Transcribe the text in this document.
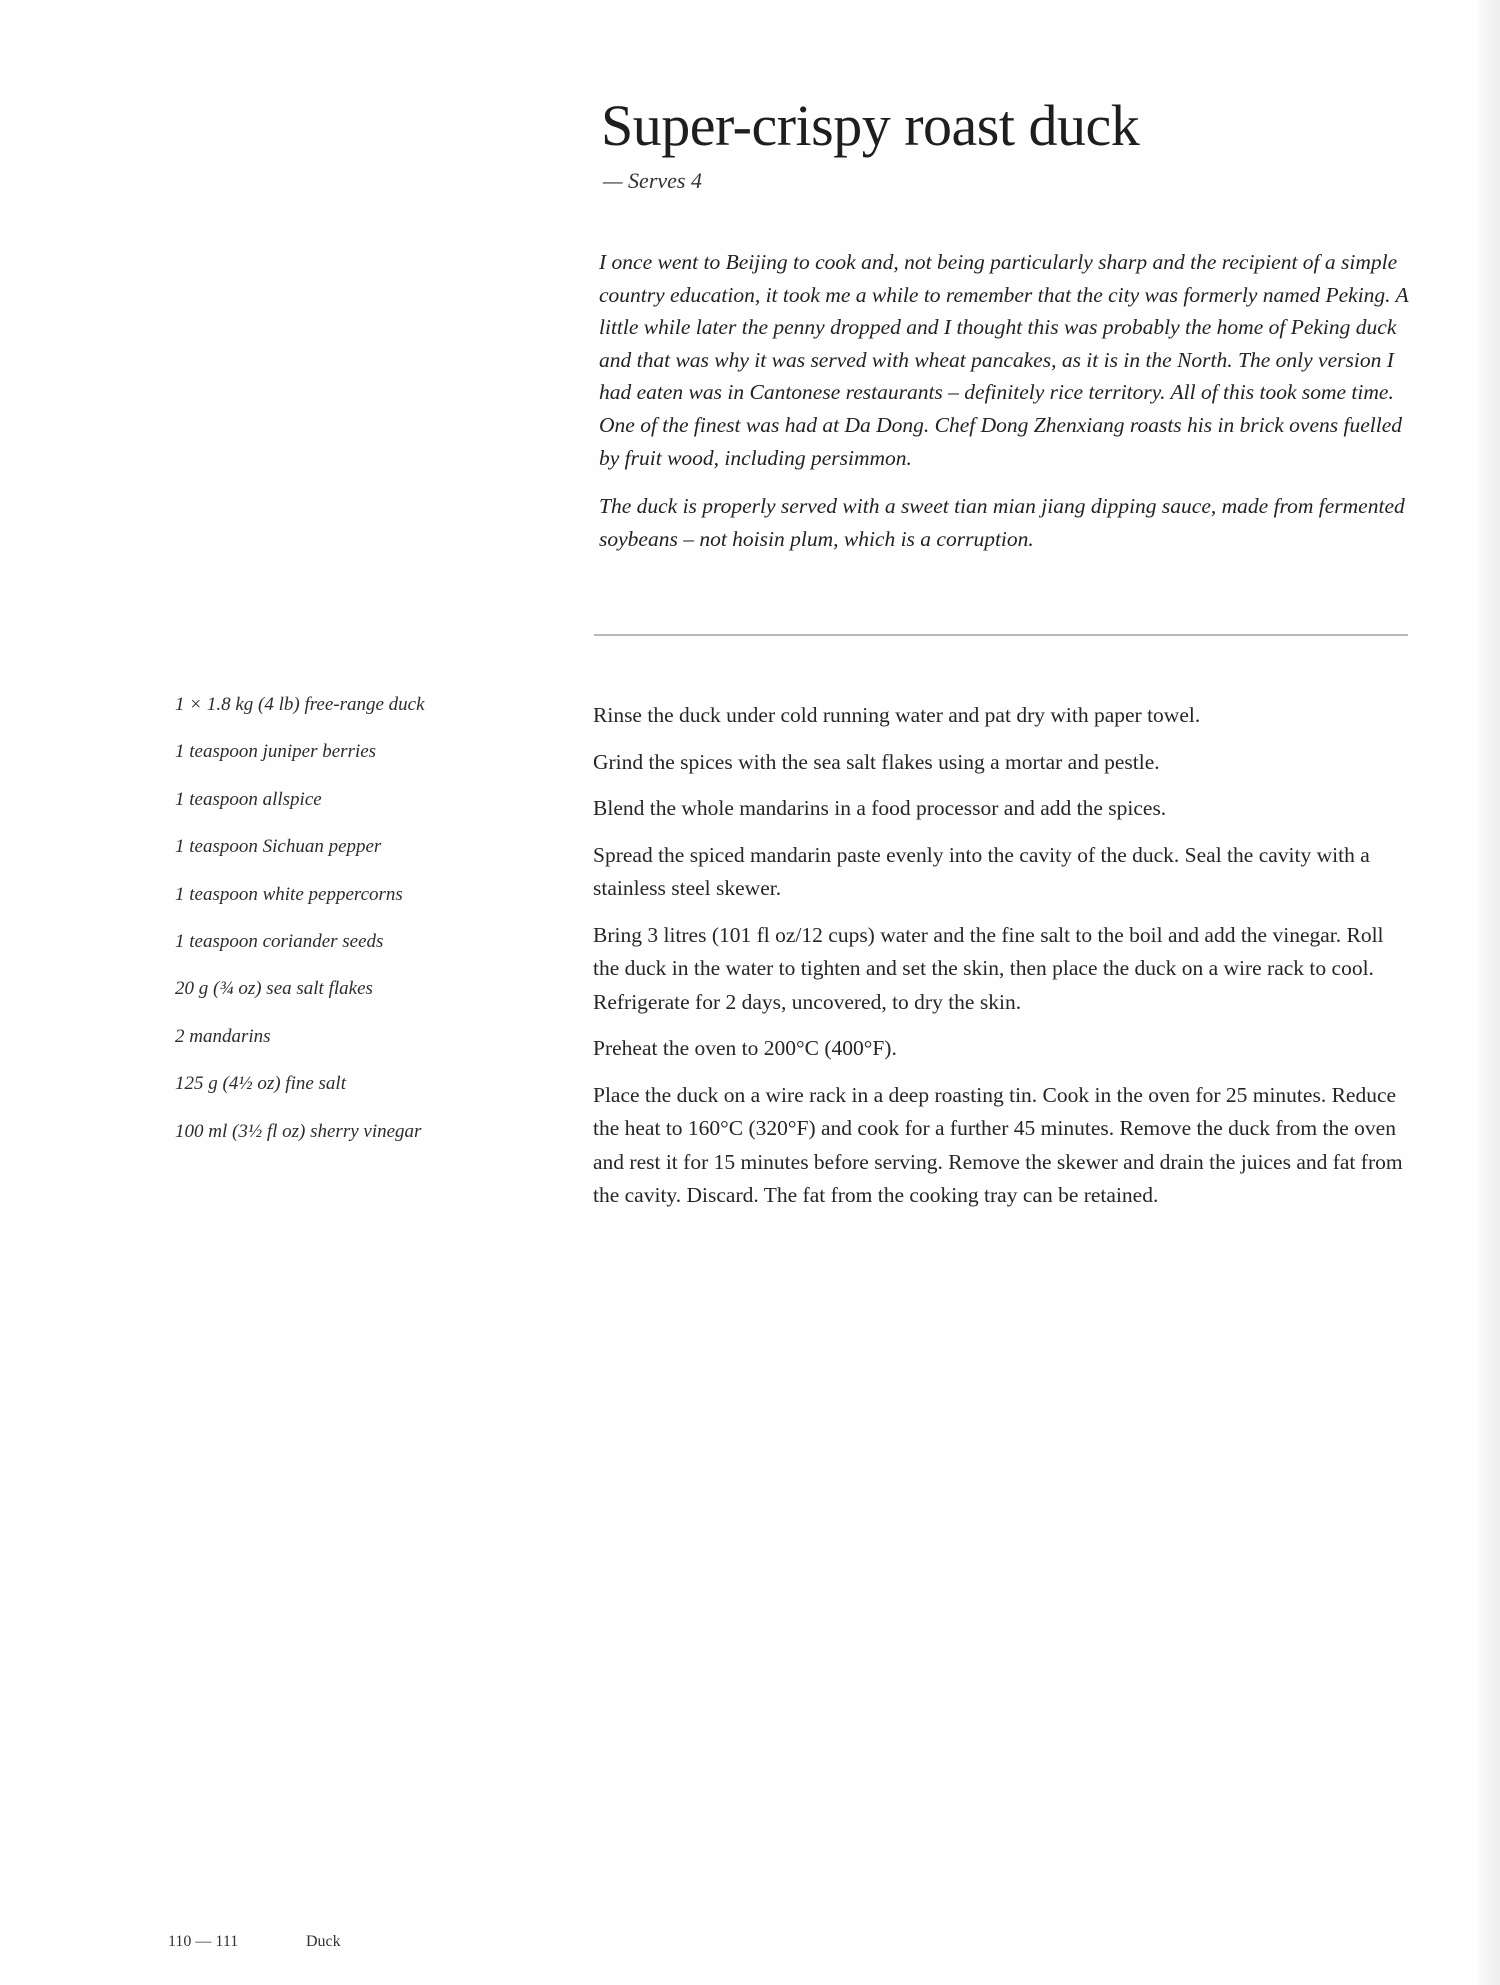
Super-crispy roast duck
— Serves 4

I once went to Beijing to cook and, not being particularly sharp and the recipient of a simple country education, it took me a while to remember that the city was formerly named Peking. A little while later the penny dropped and I thought this was probably the home of Peking duck and that was why it was served with wheat pancakes, as it is in the North. The only version I had eaten was in Cantonese restaurants – definitely rice territory. All of this took some time. One of the finest was had at Da Dong. Chef Dong Zhenxiang roasts his in brick ovens fuelled by fruit wood, including persimmon.

The duck is properly served with a sweet tian mian jiang dipping sauce, made from fermented soybeans – not hoisin plum, which is a corruption.

1 × 1.8 kg (4 lb) free-range duck
1 teaspoon juniper berries
1 teaspoon allspice
1 teaspoon Sichuan pepper
1 teaspoon white peppercorns
1 teaspoon coriander seeds
20 g (¾ oz) sea salt flakes
2 mandarins
125 g (4½ oz) fine salt
100 ml (3½ fl oz) sherry vinegar

Rinse the duck under cold running water and pat dry with paper towel.

Grind the spices with the sea salt flakes using a mortar and pestle.

Blend the whole mandarins in a food processor and add the spices.

Spread the spiced mandarin paste evenly into the cavity of the duck. Seal the cavity with a stainless steel skewer.

Bring 3 litres (101 fl oz/12 cups) water and the fine salt to the boil and add the vinegar. Roll the duck in the water to tighten and set the skin, then place the duck on a wire rack to cool. Refrigerate for 2 days, uncovered, to dry the skin.

Preheat the oven to 200°C (400°F).

Place the duck on a wire rack in a deep roasting tin. Cook in the oven for 25 minutes. Reduce the heat to 160°C (320°F) and cook for a further 45 minutes. Remove the duck from the oven and rest it for 15 minutes before serving. Remove the skewer and drain the juices and fat from the cavity. Discard. The fat from the cooking tray can be retained.

110 — 111	Duck
